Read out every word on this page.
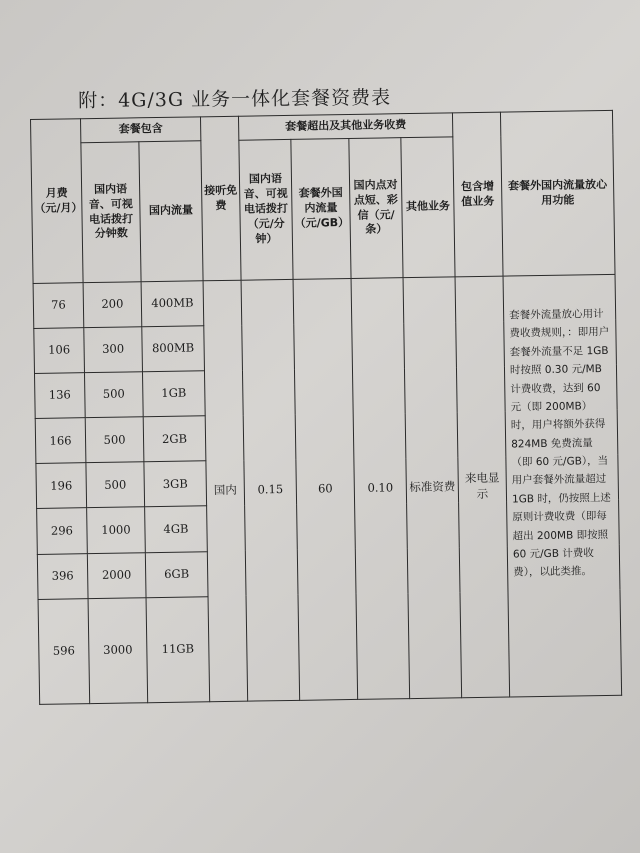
附：4G/3G 业务一体化套餐资费表
月费（元/月）	套餐包含		接听免费	套餐超出及其他业务收费				包含增值业务	套餐外国内流量放心用功能
	国内语音、可视电话拨打分钟数	国内流量		国内语音、可视电话拨打（元/分钟）	套餐外国内流量（元/GB）	国内点对点短、彩信（元/条）	其他业务		
76	200	400MB	国内	0.15	60	0.10	标准资费	来电显示	套餐外流量放心用计费收费规则，：即用户套餐外流量不足 1GB 时按照 0.30 元/MB 计费收费，达到 60 元（即 200MB）时，用户将额外获得 824MB 免费流量（即 60 元/GB），当用户套餐外流量超过 1GB 时，仍按照上述原则计费收费（即每超出 200MB 即按照 60 元/GB 计费收费），以此类推。
106	300	800MB							
136	500	1GB							
166	500	2GB							
196	500	3GB							
296	1000	4GB							
396	2000	6GB							
596	3000	11GB							
